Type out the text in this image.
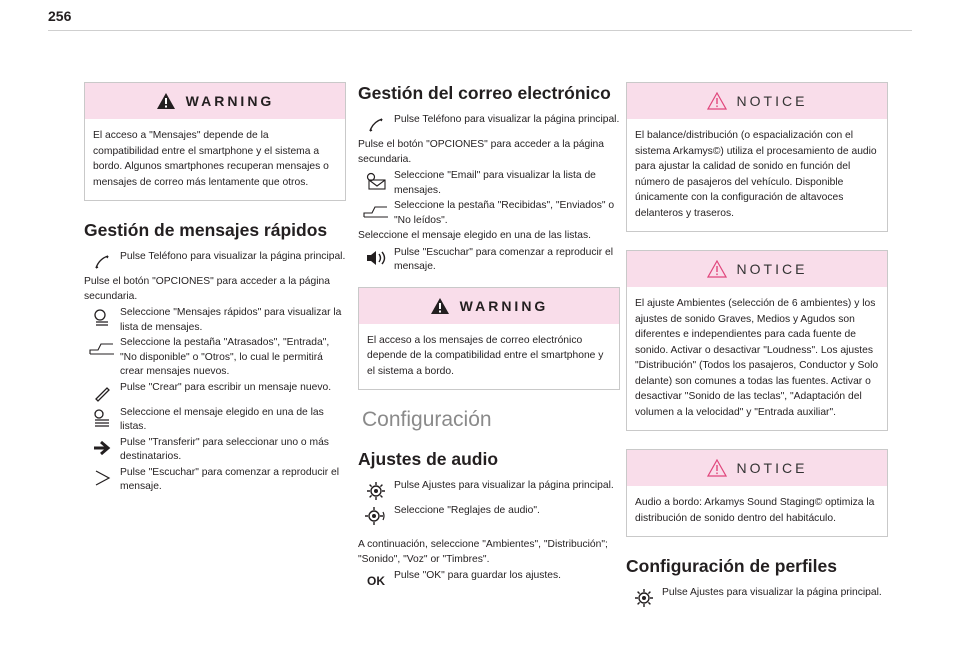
256
WARNING

El acceso a "Mensajes" depende de la compatibilidad entre el smartphone y el sistema a bordo. Algunos smartphones recuperan mensajes o mensajes de correo más lentamente que otros.

Gestión de mensajes rápidos
Pulse Teléfono para visualizar la página principal.

Pulse el botón "OPCIONES" para acceder a la página secundaria.

Seleccione "Mensajes rápidos" para visualizar la lista de mensajes.
Seleccione la pestaña "Atrasados", "Entrada", "No disponible" o "Otros", lo cual le permitirá crear mensajes nuevos.
Pulse "Crear" para escribir un mensaje nuevo.
Seleccione el mensaje elegido en una de las listas.
Pulse "Transferir" para seleccionar uno o más destinatarios.
Pulse "Escuchar" para comenzar a reproducir el mensaje.
Gestión del correo electrónico
Pulse Teléfono para visualizar la página principal.

Pulse el botón "OPCIONES" para acceder a la página secundaria.

Seleccione "Email" para visualizar la lista de mensajes.
Seleccione la pestaña "Recibidas", "Enviados" o "No leídos".

Seleccione el mensaje elegido en una de las listas.

Pulse "Escuchar" para comenzar a reproducir el mensaje.
WARNING

El acceso a los mensajes de correo electrónico depende de la compatibilidad entre el smartphone y el sistema a bordo.

Configuración
Ajustes de audio
Pulse Ajustes para visualizar la página principal.
Seleccione "Reglajes de audio".

A continuación, seleccione "Ambientes", "Distribución"; "Sonido", "Voz" or "Timbres".

OK Pulse "OK" para guardar los ajustes.
NOTICE

El balance/distribución (o espacialización con el sistema Arkamys©) utiliza el procesamiento de audio para ajustar la calidad de sonido en función del número de pasajeros del vehículo. Disponible únicamente con la configuración de altavoces delanteros y traseros.

NOTICE

El ajuste Ambientes (selección de 6 ambientes) y los ajustes de sonido Graves, Medios y Agudos son diferentes e independientes para cada fuente de sonido. Activar o desactivar "Loudness". Los ajustes "Distribución" (Todos los pasajeros, Conductor y Solo delante) son comunes a todas las fuentes. Activar o desactivar "Sonido de las teclas", "Adaptación del volumen a la velocidad" y "Entrada auxiliar".

NOTICE

Audio a bordo: Arkamys Sound Staging© optimiza la distribución de sonido dentro del habitáculo.

Configuración de perfiles
Pulse Ajustes para visualizar la página principal.
